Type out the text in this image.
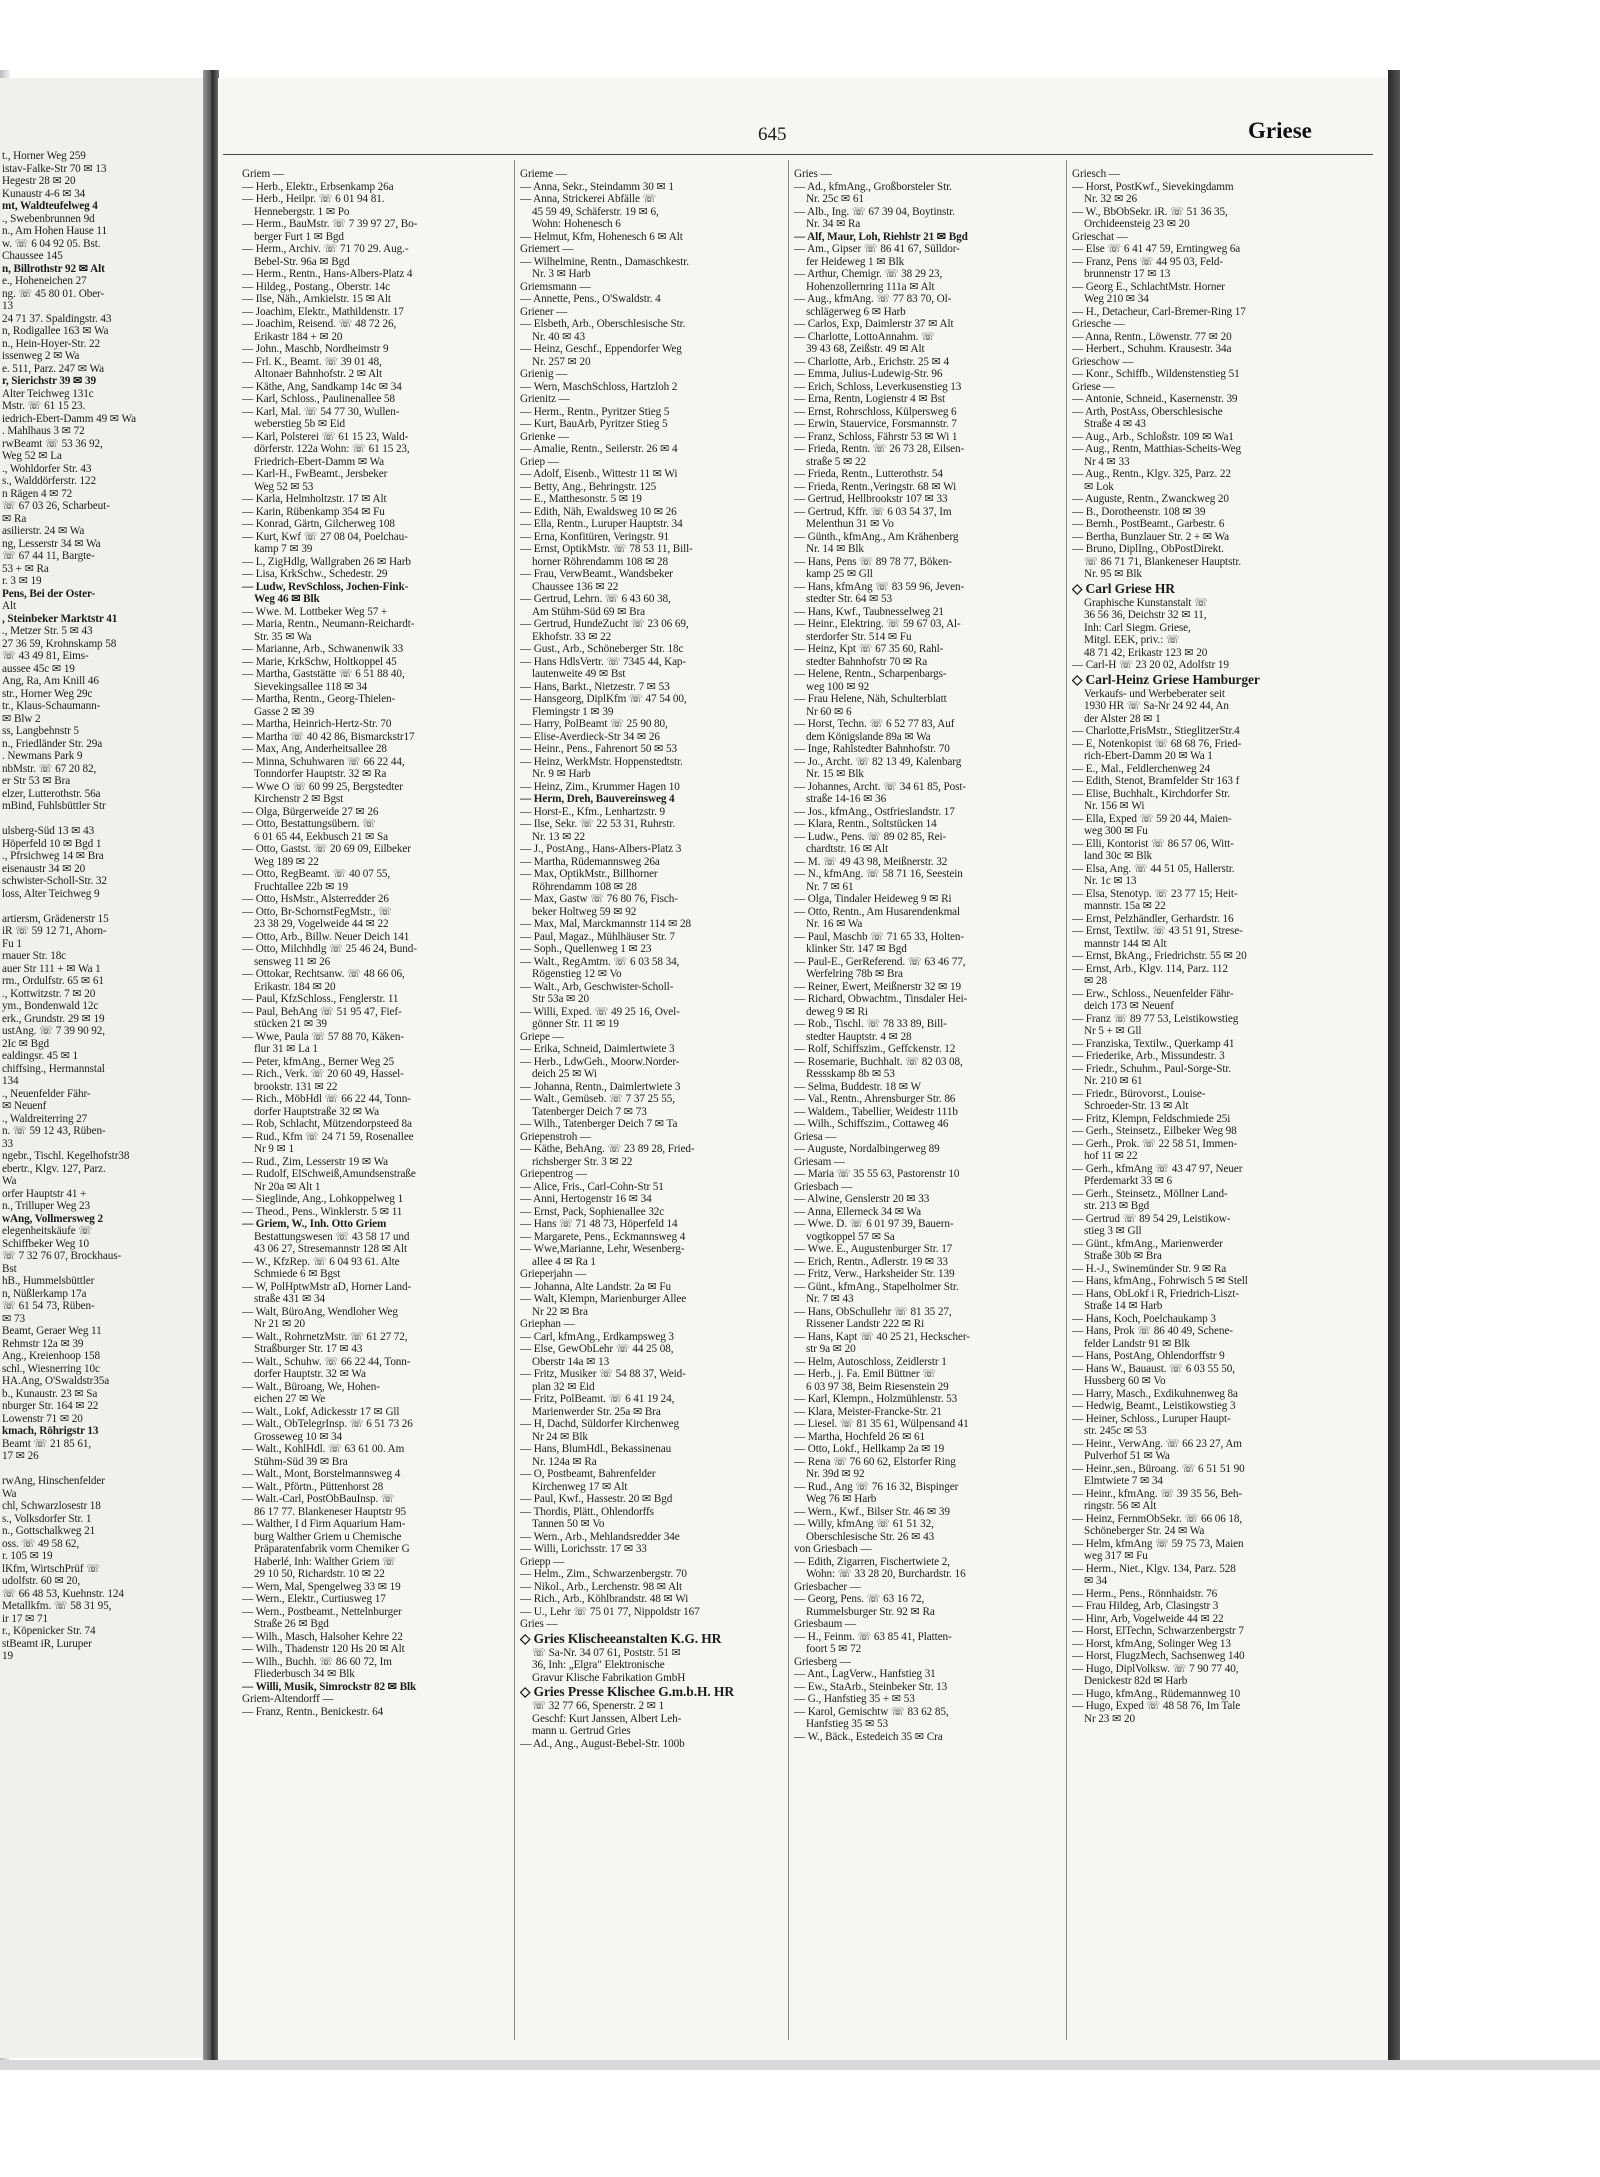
645	Griese
t., Horner Weg 259
istav-Falke-Str 70 ✉ 13
Hegestr 28 ✉ 20
Kunaustr 4-6 ✉ 34
mt, Waldteufelweg 4
., Swebenbrunnen 9d
n., Am Hohen Hause 11
w. ☏ 6 04 92 05. Bst.
Chaussee 145
n, Billrothstr 92 ✉ Alt
e., Hoheneichen 27
ng. ☏ 45 80 01. Ober-
13
24 71 37. Spaldingstr. 43
n, Rodigallee 163 ✉ Wa
n., Hein-Hoyer-Str. 22
issenweg 2 ✉ Wa
e. 511, Parz. 247 ✉ Wa
r, Sierichstr 39 ✉ 39
Alter Teichweg 131c
Mstr. ☏ 61 15 23.
iedrich-Ebert-Damm 49 ✉ Wa
. Mahlhaus 3 ✉ 72
rwBeamt ☏ 53 36 92,
Weg 52 ✉ La
., Wohldorfer Str. 43
s., Walddörferstr. 122
n Rägen 4 ✉ 72
☏ 67 03 26, Scharbeut-
✉ Ra
asilierstr. 24 ✉ Wa
ng, Lesserstr 34 ✉ Wa
☏ 67 44 11, Bargte-
53 + ✉ Ra
r. 3 ✉ 19
Pens, Bei der Oster-
Alt
, Steinbeker Marktstr 41
., Metzer Str. 5 ✉ 43
27 36 59, Krohnskamp 58
☏ 43 49 81, Eims-
aussee 45c ✉ 19
Ang, Ra, Am Knill 46
str., Horner Weg 29c
tr., Klaus-Schaumann-
✉ Blw 2
ss, Langbehnstr 5
n., Friedländer Str. 29a
. Newmans Park 9
nbMstr. ☏ 67 20 82,
er Str 53 ✉ Bra
elzer, Lutterothstr. 56a
mBind, Fuhlsbüttler Str
ulsberg-Süd 13 ✉ 43
Höperfeld 10 ✉ Bgd 1
., Pfrsichweg 14 ✉ Bra
eisenaustr 34 ✉ 20
schwister-Scholl-Str. 32
loss, Alter Teichweg 9
artiersm, Grädenerstr 15
iR ☏ 59 12 71, Ahorn-
Fu 1
rnauer Str. 18c
auer Str 111 + ✉ Wa 1
rm., Ordulfstr. 65 ✉ 61
., Kottwitzstr. 7 ✉ 20
ym., Bondenwald 12c
erk., Grundstr. 29 ✉ 19
ustAng. ☏ 7 39 90 92,
2Ic ✉ Bgd
ealdingsr. 45 ✉ 1
chiffsing., Hermannstal
134
., Neuenfelder Fähr-
✉ Neuenf
., Waldreiterring 27
n. ☏ 59 12 43, Rüben-
33
ngebr., Tischl. Kegelhofstr38
ebertr., Klgv. 127, Parz.
Wa
orfer Hauptstr 41 +
n., Trilluper Weg 23
wAng, Vollmersweg 2
elegenheitskäufe ☏
Schiffbeker Weg 10
☏ 7 32 76 07, Brockhaus-
Bst
hB., Hummelsbüttler
n, Nüßlerkamp 17a
☏ 61 54 73, Rüben-
✉ 73
Beamt, Geraer Weg 11
Rehmstr 12a ✉ 39
Ang., Kreienhoop 158
schl., Wiesnerring 10c
HA.Ang, O'Swaldstr35a
b., Kunaustr. 23 ✉ Sa
nburger Str. 164 ✉ 22
Lowenstr 71 ✉ 20
kmach, Röhrigstr 13
Beamt ☏ 21 85 61,
17 ✉ 26
rwAng, Hinschenfelder
Wa
chl, Schwarzlosestr 18
s., Volksdorfer Str. 1
n., Gottschalkweg 21
oss. ☏ 49 58 62,
r. 105 ✉ 19
lKfm, WirtschPrüf ☏
udolfstr. 60 ✉ 20,
☏ 66 48 53, Kuehnstr. 124
Metallkfm. ☏ 58 31 95,
ir 17 ✉ 71
r., Köpenicker Str. 74
stBeamt iR, Luruper
19
Griem —
— Herb., Elektr., Erbsenkamp 26a
— Herb., Heilpr. ☏ 6 01 94 81.
Hennebergstr. 1 ✉ Po
— Herm., BauMstr. ☏ 7 39 97 27, Bo-
berger Furt 1 ✉ Bgd
— Herm., Archiv. ☏ 71 70 29. Aug.-
Bebel-Str. 96a ✉ Bgd
— Herm., Rentn., Hans-Albers-Platz 4
— Hildeg., Postang., Oberstr. 14c
— Ilse, Näh., Arnkielstr. 15 ✉ Alt
— Joachim, Elektr., Mathildenstr. 17
— Joachim, Reisend. ☏ 48 72 26,
Erikastr 184 + ✉ 20
— John., Maschb, Nordheimstr 9
— Frl. K., Beamt. ☏ 39 01 48,
Altonaer Bahnhofstr. 2 ✉ Alt
— Käthe, Ang, Sandkamp 14c ✉ 34
— Karl, Schloss., Paulinenallee 58
— Karl, Mal. ☏ 54 77 30, Wullen-
weberstieg 5b ✉ Eid
— Karl, Polsterei ☏ 61 15 23, Wald-
dörferstr. 122a Wohn: ☏ 61 15 23,
Friedrich-Ebert-Damm ✉ Wa
— Karl-H., FwBeamt., Jersbeker
Weg 52 ✉ 53
— Karla, Helmholtzstr. 17 ✉ Alt
— Karin, Rübenkamp 354 ✉ Fu
— Konrad, Gärtn, Gilcherweg 108
— Kurt, Kwf ☏ 27 08 04, Poelchau-
kamp 7 ✉ 39
— L, ZigHdlg, Wallgraben 26 ✉ Harb
— Lisa, KrkSchw., Schedestr. 29
— Ludw, RevSchloss, Jochen-Fink-
Weg 46 ✉ Blk
— Wwe. M. Lottbeker Weg 57 +
— Maria, Rentn., Neumann-Reichardt-
Str. 35 ✉ Wa
— Marianne, Arb., Schwanenwik 33
— Marie, KrkSchw, Holtkoppel 45
— Martha, Gaststätte ☏ 6 51 88 40,
Sievekingsallee 118 ✉ 34
— Martha, Rentn., Georg-Thielen-
Gasse 2 ✉ 39
— Martha, Heinrich-Hertz-Str. 70
— Martha ☏ 40 42 86, Bismarckstr17
— Max, Ang, Anderheitsallee 28
— Minna, Schuhwaren ☏ 66 22 44,
Tonndorfer Hauptstr. 32 ✉ Ra
— Wwe O ☏ 60 99 25, Bergstedter
Kirchenstr 2 ✉ Bgst
— Olga, Bürgerweide 27 ✉ 26
— Otto, Bestattungsübern. ☏
6 01 65 44, Eekbusch 21 ✉ Sa
— Otto, Gastst. ☏ 20 69 09, Eilbeker
Weg 189 ✉ 22
— Otto, RegBeamt. ☏ 40 07 55,
Fruchtallee 22b ✉ 19
— Otto, HsMstr., Alsterredder 26
— Otto, Br-SchornstFegMstr., ☏
23 38 29, Vogelweide 44 ✉ 22
— Otto, Arb., Billw. Neuer Deich 141
— Otto, Milchhdlg ☏ 25 46 24, Bund-
sensweg 11 ✉ 26
— Ottokar, Rechtsanw. ☏ 48 66 06,
Erikastr. 184 ✉ 20
— Paul, KfzSchloss., Fenglerstr. 11
— Paul, BehAng ☏ 51 95 47, Fief-
stücken 21 ✉ 39
— Wwe, Paula ☏ 57 88 70, Käken-
flur 31 ✉ La 1
— Peter, kfmAng., Berner Weg 25
— Rich., Verk. ☏ 20 60 49, Hassel-
brookstr. 131 ✉ 22
— Rich., MöbHdl ☏ 66 22 44, Tonn-
dorfer Hauptstraße 32 ✉ Wa
— Rob, Schlacht, Mützendorpsteed 8a
— Rud., Kfm ☏ 24 71 59, Rosenallee
Nr 9 ✉ 1
— Rud., Zim, Lesserstr 19 ✉ Wa
— Rudolf, ElSchweiß,Amundsenstraße
Nr 20a ✉ Alt 1
— Sieglinde, Ang., Lohkoppelweg 1
— Theod., Pens., Winklerstr. 5 ✉ 11
— Griem, W., Inh. Otto Griem
Bestattungswesen ☏ 43 58 17 und
43 06 27, Stresemannstr 128 ✉ Alt
— W., KfzRep. ☏ 6 04 93 61. Alte
Schmiede 6 ✉ Bgst
— W, PolHptwMstr aD, Horner Land-
straße 431 ✉ 34
— Walt, BüroAng, Wendloher Weg
Nr 21 ✉ 20
— Walt., RohrnetzMstr. ☏ 61 27 72,
Straßburger Str. 17 ✉ 43
— Walt., Schuhw. ☏ 66 22 44, Tonn-
dorfer Hauptstr. 32 ✉ Wa
— Walt., Büroang, We, Hohen-
eichen 27 ✉ We
— Walt., Lokf, Adickesstr 17 ✉ Gll
— Walt., ObTelegrInsp. ☏ 6 51 73 26
Grosseweg 10 ✉ 34
— Walt., KohlHdl. ☏ 63 61 00. Am
Stühm-Süd 39 ✉ Bra
— Walt., Mont, Borstelmannsweg 4
— Walt., Pförtn., Püttenhorst 28
— Walt.-Carl, PostObBauInsp. ☏
86 17 77. Blankeneser Hauptstr 95
— Walther, I d Firm Aquarium Ham-
burg Walther Griem u Chemische
Präparatenfabrik vorm Chemiker G
Haberlé, Inh: Walther Griem ☏
29 10 50, Richardstr. 10 ✉ 22
— Wern, Mal, Spengelweg 33 ✉ 19
— Wern., Elektr., Curtiusweg 17
— Wern., Postbeamt., Nettelnburger
Straße 26 ✉ Bgd
— Wilh., Masch, Halsoher Kehre 22
— Wilh., Thadenstr 120 Hs 20 ✉ Alt
— Wilh., Buchh. ☏ 86 60 72, Im
Fliederbusch 34 ✉ Blk
— Willi, Musik, Simrockstr 82 ✉ Blk
Griem-Altendorff —
— Franz, Rentn., Benickestr. 64
Grieme —
— Anna, Sekr., Steindamm 30 ✉ 1
— Anna, Strickerei Abfälle ☏
45 59 49, Schäferstr. 19 ✉ 6,
Wohn: Hohenesch 6
— Helmut, Kfm, Hohenesch 6 ✉ Alt
Griemert —
— Wilhelmine, Rentn., Damaschkestr.
Nr. 3 ✉ Harb
Griemsmann —
— Annette, Pens., O'Swaldstr. 4
Griener —
— Elsbeth, Arb., Oberschlesische Str.
Nr. 40 ✉ 43
— Heinz, Geschf., Eppendorfer Weg
Nr. 257 ✉ 20
Grienig —
— Wern, MaschSchloss, Hartzloh 2
Grienitz —
— Herm., Rentn., Pyritzer Stieg 5
— Kurt, BauArb, Pyritzer Stieg 5
Grienke —
— Amalie, Rentn., Seilerstr. 26 ✉ 4
Griep —
— Adolf, Eisenb., Wittestr 11 ✉ Wi
— Betty, Ang., Behringstr. 125
— E., Matthesonstr. 5 ✉ 19
— Edith, Näh, Ewaldsweg 10 ✉ 26
— Ella, Rentn., Luruper Hauptstr. 34
— Erna, Konfitüren, Veringstr. 91
— Ernst, OptikMstr. ☏ 78 53 11, Bill-
horner Röhrendamm 108 ✉ 28
— Frau, VerwBeamt., Wandsbeker
Chaussee 136 ✉ 22
— Gertrud, Lehrn. ☏ 6 43 60 38,
Am Stühm-Süd 69 ✉ Bra
— Gertrud, HundeZucht ☏ 23 06 69,
Ekhofstr. 33 ✉ 22
— Gust., Arb., Schöneberger Str. 18c
— Hans HdlsVertr. ☏ 7345 44, Kap-
lautenweite 49 ✉ Bst
— Hans, Barkt., Nietzestr. 7 ✉ 53
— Hansgeorg, DiplKfm ☏ 47 54 00,
Flemingstr 1 ✉ 39
— Harry, PolBeamt ☏ 25 90 80,
— Elise-Averdieck-Str 34 ✉ 26
— Heinr., Pens., Fahrenort 50 ✉ 53
— Heinz, WerkMstr. Hoppenstedtstr.
Nr. 9 ✉ Harb
— Heinz, Zim., Krummer Hagen 10
— Herm, Dreh, Bauvereinsweg 4
— Horst-E., Kfm., Lenhartzstr. 9
— Ilse, Sekr. ☏ 22 53 31, Ruhrstr.
Nr. 13 ✉ 22
— J., PostAng., Hans-Albers-Platz 3
— Martha, Rüdemannsweg 26a
— Max, OptikMstr., Billhorner
Röhrendamm 108 ✉ 28
— Max, Gastw ☏ 76 80 76, Fisch-
beker Holtweg 59 ✉ 92
— Max, Mal, Marckmannstr 114 ✉ 28
— Paul, Magaz., Mühlhäuser Str. 7
— Soph., Quellenweg 1 ✉ 23
— Walt., RegAmtm. ☏ 6 03 58 34,
Rögenstieg 12 ✉ Vo
— Walt., Arb, Geschwister-Scholl-
Str 53a ✉ 20
— Willi, Exped. ☏ 49 25 16, Ovel-
gönner Str. 11 ✉ 19
Griepe —
— Erika, Schneid, Daimlertwiete 3
— Herb., LdwGeh., Moorw.Norder-
deich 25 ✉ Wi
— Johanna, Rentn., Daimlertwiete 3
— Walt., Gemüseb. ☏ 7 37 25 55,
Tatenberger Deich 7 ✉ 73
— Wilh., Tatenberger Deich 7 ✉ Ta
Griepenstroh —
— Käthe, BehAng. ☏ 23 89 28, Fried-
richsberger Str. 3 ✉ 22
Griepentrog —
— Alice, Fris., Carl-Cohn-Str 51
— Anni, Hertogenstr 16 ✉ 34
— Ernst, Pack, Sophienallee 32c
— Hans ☏ 71 48 73, Höperfeld 14
— Margarete, Pens., Eckmannsweg 4
— Wwe,Marianne, Lehr, Wesenberg-
allee 4 ✉ Ra 1
Grieperjahn —
— Johanna, Alte Landstr. 2a ✉ Fu
— Walt, Klempn, Marienburger Allee
Nr 22 ✉ Bra
Griephan —
— Carl, kfmAng., Erdkampsweg 3
— Else, GewObLehr ☏ 44 25 08,
Oberstr 14a ✉ 13
— Fritz, Musiker ☏ 54 88 37, Weid-
plan 32 ✉ Eid
— Fritz, PolBeamt. ☏ 6 41 19 24,
Marienwerder Str. 25a ✉ Bra
— H, Dachd, Süldorfer Kirchenweg
Nr 24 ✉ Blk
— Hans, BlumHdl., Bekassinenau
Nr. 124a ✉ Ra
— O, Postbeamt, Bahrenfelder
Kirchenweg 17 ✉ Alt
— Paul, Kwf., Hassestr. 20 ✉ Bgd
— Thordis, Plätt., Ohlendorffs
Tannen 50 ✉ Vo
— Wern., Arb., Mehlandsredder 34e
— Willi, Lorichsstr. 17 ✉ 33
Griepp —
— Helm., Zim., Schwarzenbergstr. 70
— Nikol., Arb., Lerchenstr. 98 ✉ Alt
— Rich., Arb., Köhlbrandstr. 48 ✉ Wi
— U., Lehr ☏ 75 01 77, Nippoldstr 167
Gries —
◇ Gries Klischeeanstalten K.G. HR
☏ Sa-Nr. 34 07 61, Poststr. 51 ✉
36, Inh: „Elgra" Elektronische
Gravur Klische Fabrikation GmbH
◇ Gries Presse Klischee G.m.b.H. HR
☏ 32 77 66, Spenerstr. 2 ✉ 1
Geschf: Kurt Janssen, Albert Leh-
mann u. Gertrud Gries
— Ad., Ang., August-Bebel-Str. 100b
Gries —
— Ad., kfmAng., Großborsteler Str.
Nr. 25c ✉ 61
— Alb., Ing. ☏ 67 39 04, Boytinstr.
Nr. 34 ✉ Ra
— Alf, Maur, Loh, Riehlstr 21 ✉ Bgd
— Am., Gipser ☏ 86 41 67, Sülldor-
fer Heideweg 1 ✉ Blk
— Arthur, Chemigr. ☏ 38 29 23,
Hohenzollernring 111a ✉ Alt
— Aug., kfmAng. ☏ 77 83 70, Ol-
schlägerweg 6 ✉ Harb
— Carlos, Exp, Daimlerstr 37 ✉ Alt
— Charlotte, LottoAnnahm. ☏
39 43 68, Zeißstr. 49 ✉ Alt
— Charlotte, Arb., Erichstr. 25 ✉ 4
— Emma, Julius-Ludewig-Str. 96
— Erich, Schloss, Leverkusenstieg 13
— Erna, Rentn, Logienstr 4 ✉ Bst
— Ernst, Rohrschloss, Külpersweg 6
— Erwin, Stauervice, Forsmannstr. 7
— Franz, Schloss, Fährstr 53 ✉ Wi 1
— Frieda, Rentn. ☏ 26 73 28, Eilsen-
straße 5 ✉ 22
— Frieda, Rentn., Lutterothstr. 54
— Frieda, Rentn.,Veringstr. 68 ✉ Wi
— Gertrud, Hellbrookstr 107 ✉ 33
— Gertrud, Kffr. ☏ 6 03 54 37, Im
Melenthun 31 ✉ Vo
— Günth., kfmAng., Am Krähenberg
Nr. 14 ✉ Blk
— Hans, Pens ☏ 89 78 77, Böken-
kamp 25 ✉ Gll
— Hans, kfmAng ☏ 83 59 96, Jeven-
stedter Str. 64 ✉ 53
— Hans, Kwf., Taubnesselweg 21
— Heinr., Elektring. ☏ 59 67 03, Al-
sterdorfer Str. 514 ✉ Fu
— Heinz, Kpt ☏ 67 35 60, Rahl-
stedter Bahnhofstr 70 ✉ Ra
— Helene, Rentn., Scharpenbargs-
weg 100 ✉ 92
— Frau Helene, Näh, Schulterblatt
Nr 60 ✉ 6
— Horst, Techn. ☏ 6 52 77 83, Auf
dem Königslande 89a ✉ Wa
— Inge, Rahlstedter Bahnhofstr. 70
— Jo., Archt. ☏ 82 13 49, Kalenbarg
Nr. 15 ✉ Blk
— Johannes, Archt. ☏ 34 61 85, Post-
straße 14-16 ✉ 36
— Jos., kfmAng., Ostfrieslandstr. 17
— Klara, Rentn., Soltstücken 14
— Ludw., Pens. ☏ 89 02 85, Rei-
chardtstr. 16 ✉ Alt
— M. ☏ 49 43 98, Meißnerstr. 32
— N., kfmAng. ☏ 58 71 16, Seestein
Nr. 7 ✉ 61
— Olga, Tindaler Heideweg 9 ✉ Ri
— Otto, Rentn., Am Husarendenkmal
Nr. 16 ✉ Wa
— Paul, Maschb ☏ 71 65 33, Holten-
klinker Str. 147 ✉ Bgd
— Paul-E., GerReferend. ☏ 63 46 77,
Werfelring 78b ✉ Bra
— Reiner, Ewert, Meißnerstr 32 ✉ 19
— Richard, Obwachtm., Tinsdaler Hei-
deweg 9 ✉ Ri
— Rob., Tischl. ☏ 78 33 89, Bill-
stedter Hauptstr. 4 ✉ 28
— Rolf, Schiffszim., Geffckenstr. 12
— Rosemarie, Buchhalt. ☏ 82 03 08,
Ressskamp 8b ✉ 53
— Selma, Buddestr. 18 ✉ W
— Val., Rentn., Ahrensburger Str. 86
— Waldem., Tabellier, Weidestr 111b
— Wilh., Schiffszim., Cottaweg 46
Griesa —
— Auguste, Nordalbingerweg 89
Griesam —
— Maria ☏ 35 55 63, Pastorenstr 10
Griesbach —
— Alwine, Genslerstr 20 ✉ 33
— Anna, Ellerneck 34 ✉ Wa
— Wwe. D. ☏ 6 01 97 39, Bauern-
vogtkoppel 57 ✉ Sa
— Wwe. E., Augustenburger Str. 17
— Erich, Rentn., Adlerstr. 19 ✉ 33
— Fritz, Verw., Harksheider Str. 139
— Günt., kfmAng., Stapelholmer Str.
Nr. 7 ✉ 43
— Hans, ObSchullehr ☏ 81 35 27,
Rissener Landstr 222 ✉ Ri
— Hans, Kapt ☏ 40 25 21, Heckscher-
str 9a ✉ 20
— Helm, Autoschloss, Zeidlerstr 1
— Herb., j. Fa. Emil Büttner ☏
6 03 97 38, Beim Riesenstein 29
— Karl, Klempn., Holzmühlenstr. 53
— Klara, Meister-Francke-Str. 21
— Liesel. ☏ 81 35 61, Wülpensand 41
— Martha, Hochfeld 26 ✉ 61
— Otto, Lokf., Hellkamp 2a ✉ 19
— Rena ☏ 76 60 62, Elstorfer Ring
Nr. 39d ✉ 92
— Rud., Ang ☏ 76 16 32, Bispinger
Weg 76 ✉ Harb
— Wern., Kwf., Bilser Str. 46 ✉ 39
— Willy, kfmAng ☏ 61 51 32,
Oberschlesische Str. 26 ✉ 43
von Griesbach —
— Edith, Zigarren, Fischertwiete 2,
Wohn: ☏ 33 28 20, Burchardstr. 16
Griesbacher —
— Georg, Pens. ☏ 63 16 72,
Rummelsburger Str. 92 ✉ Ra
Griesbaum —
— H., Feinm. ☏ 63 85 41, Platten-
foort 5 ✉ 72
Griesberg —
— Ant., LagVerw., Hanfstieg 31
— Ew., StaArb., Steinbeker Str. 13
— G., Hanfstieg 35 + ✉ 53
— Karol, Gemischtw ☏ 83 62 85,
Hanfstieg 35 ✉ 53
— W., Bäck., Estedeich 35 ✉ Cra
Griesch —
— Horst, PostKwf., Sievekingdamm
Nr. 32 ✉ 26
— W., BbObSekr. iR. ☏ 51 36 35,
Orchideensteig 23 ✉ 20
Grieschat —
— Else ☏ 6 41 47 59, Erntingweg 6a
— Franz, Pens ☏ 44 95 03, Feld-
brunnenstr 17 ✉ 13
— Georg E., SchlachtMstr. Horner
Weg 210 ✉ 34
— H., Detacheur, Carl-Bremer-Ring 17
Griesche —
— Anna, Rentn., Löwenstr. 77 ✉ 20
— Herbert., Schuhm. Krausestr. 34a
Grieschow —
— Konr., Schiffb., Wildenstenstieg 51
Griese —
— Antonie, Schneid., Kasernenstr. 39
— Arth, PostAss, Oberschlesische
Straße 4 ✉ 43
— Aug., Arb., Schloßstr. 109 ✉ Wa1
— Aug., Rentn, Matthias-Scheits-Weg
Nr 4 ✉ 33
— Aug., Rentn., Klgv. 325, Parz. 22
✉ Lok
— Auguste, Rentn., Zwanckweg 20
— B., Dorotheenstr. 108 ✉ 39
— Bernh., PostBeamt., Garbestr. 6
— Bertha, Bunzlauer Str. 2 + ✉ Wa
— Bruno, DiplIng., ObPostDirekt.
☏ 86 71 71, Blankeneser Hauptstr.
Nr. 95 ✉ Blk
◇ Carl Griese HR
Graphische Kunstanstalt ☏
36 56 36, Deichstr 32 ✉ 11,
Inh: Carl Siegm. Griese,
Mitgl. EEK, priv.: ☏
48 71 42, Erikastr 123 ✉ 20
— Carl-H ☏ 23 20 02, Adolfstr 19
◇ Carl-Heinz Griese Hamburger
Verkaufs- und Werbeberater seit
1930 HR ☏ Sa-Nr 24 92 44, An
der Alster 28 ✉ 1
— Charlotte,FrisMstr., StieglitzerStr.4
— E, Notenkopist ☏ 68 68 76, Fried-
rich-Ebert-Damm 20 ✉ Wa 1
— E., Mal., Feldlerchenweg 24
— Edith, Stenot, Bramfelder Str 163 f
— Elise, Buchhalt., Kirchdorfer Str.
Nr. 156 ✉ Wi
— Ella, Exped ☏ 59 20 44, Maien-
weg 300 ✉ Fu
— Elli, Kontorist ☏ 86 57 06, Witt-
land 30c ✉ Blk
— Elsa, Ang. ☏ 44 51 05, Hallerstr.
Nr. 1c ✉ 13
— Elsa, Stenotyp. ☏ 23 77 15; Heit-
mannstr. 15a ✉ 22
— Ernst, Pelzhändler, Gerhardstr. 16
— Ernst, Textilw. ☏ 43 51 91, Strese-
mannstr 144 ✉ Alt
— Ernst, BkAng., Friedrichstr. 55 ✉ 20
— Ernst, Arb., Klgv. 114, Parz. 112
✉ 28
— Erw., Schloss., Neuenfelder Fähr-
deich 173 ✉ Neuenf
— Franz ☏ 89 77 53, Leistikowstieg
Nr 5 + ✉ Gll
— Franziska, Textilw., Querkamp 41
— Friederike, Arb., Missundestr. 3
— Friedr., Schuhm., Paul-Sorge-Str.
Nr. 210 ✉ 61
— Friedr., Bürovorst., Louise-
Schroeder-Str. 13 ✉ Alt
— Fritz, Klempn, Feldschmiede 25i
— Gerh., Steinsetz., Eilbeker Weg 98
— Gerh., Prok. ☏ 22 58 51, Immen-
hof 11 ✉ 22
— Gerh., kfmAng ☏ 43 47 97, Neuer
Pferdemarkt 33 ✉ 6
— Gerh., Steinsetz., Möllner Land-
str. 213 ✉ Bgd
— Gertrud ☏ 89 54 29, Leistikow-
stieg 3 ✉ Gll
— Günt., kfmAng., Marienwerder
Straße 30b ✉ Bra
— H.-J., Swinemünder Str. 9 ✉ Ra
— Hans, kfmAng., Fohrwisch 5 ✉ Stell
— Hans, ObLokf i R, Friedrich-Liszt-
Straße 14 ✉ Harb
— Hans, Koch, Poelchaukamp 3
— Hans, Prok ☏ 86 40 49, Schene-
felder Landstr 91 ✉ Blk
— Hans, PostAng, Ohlendorffstr 9
— Hans W., Bauaust. ☏ 6 03 55 50,
Hussberg 60 ✉ Vo
— Harry, Masch., Exdikuhnenweg 8a
— Hedwig, Beamt., Leistikowstieg 3
— Heiner, Schloss., Luruper Haupt-
str. 245c ✉ 53
— Heinr., VerwAng. ☏ 66 23 27, Am
Pulverhof 51 ✉ Wa
— Heinr.,sen., Büroang. ☏ 6 51 51 90
Elmtwiete 7 ✉ 34
— Heinr., kfmAng. ☏ 39 35 56, Beh-
ringstr. 56 ✉ Alt
— Heinz, FernmObSekr. ☏ 66 06 18,
Schöneberger Str. 24 ✉ Wa
— Helm, kfmAng ☏ 59 75 73, Maien
weg 317 ✉ Fu
— Herm., Niet., Klgv. 134, Parz. 528
✉ 34
— Herm., Pens., Rönnhaidstr. 76
— Frau Hildeg, Arb, Clasingstr 3
— Hinr, Arb, Vogelweide 44 ✉ 22
— Horst, ElTechn, Schwarzenbergstr 7
— Horst, kfmAng, Solinger Weg 13
— Horst, FlugzMech, Sachsenweg 140
— Hugo, DiplVolksw. ☏ 7 90 77 40,
Denickestr 82d ✉ Harb
— Hugo, kfmAng., Rüdemannweg 10
— Hugo, Exped ☏ 48 58 76, Im Tale
Nr 23 ✉ 20
